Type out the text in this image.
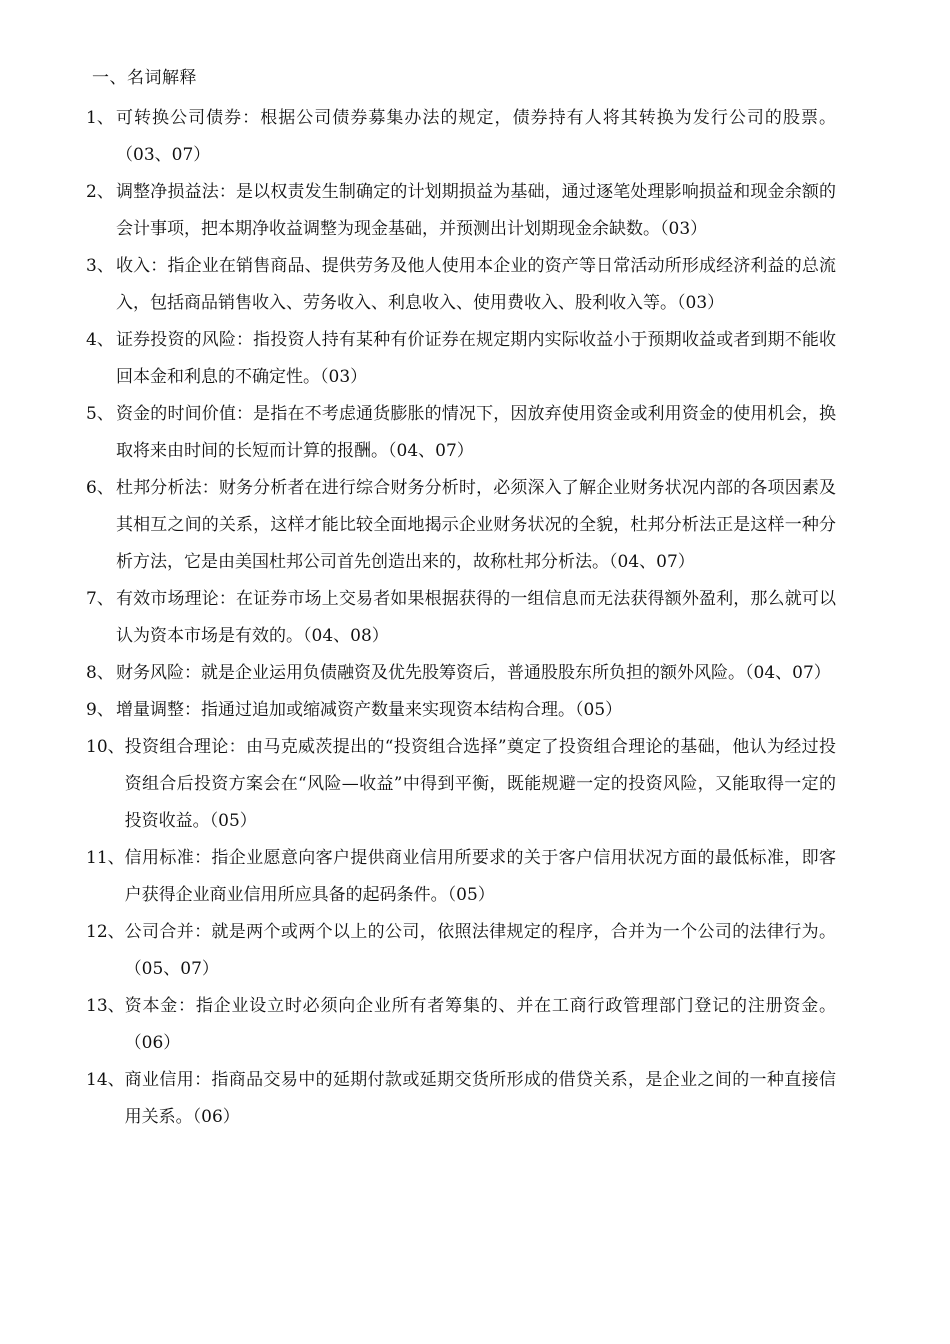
一、名词解释
1、 可转换公司债券：根据公司债券募集办法的规定，债券持有人将其转换为发行公司的股票。（03、07）
2、 调整净损益法：是以权责发生制确定的计划期损益为基础，通过逐笔处理影响损益和现金余额的会计事项，把本期净收益调整为现金基础，并预测出计划期现金余缺数。（03）
3、 收入：指企业在销售商品、提供劳务及他人使用本企业的资产等日常活动所形成经济利益的总流入，包括商品销售收入、劳务收入、利息收入、使用费收入、股利收入等。（03）
4、 证券投资的风险：指投资人持有某种有价证券在规定期内实际收益小于预期收益或者到期不能收回本金和利息的不确定性。（03）
5、 资金的时间价值：是指在不考虑通货膨胀的情况下，因放弃使用资金或利用资金的使用机会，换取将来由时间的长短而计算的报酬。（04、07）
6、 杜邦分析法：财务分析者在进行综合财务分析时，必须深入了解企业财务状况内部的各项因素及其相互之间的关系，这样才能比较全面地揭示企业财务状况的全貌，杜邦分析法正是这样一种分析方法，它是由美国杜邦公司首先创造出来的，故称杜邦分析法。（04、07）
7、 有效市场理论：在证券市场上交易者如果根据获得的一组信息而无法获得额外盈利，那么就可以认为资本市场是有效的。（04、08）
8、 财务风险：就是企业运用负债融资及优先股筹资后，普通股股东所负担的额外风险。（04、07）
9、 增量调整：指通过追加或缩减资产数量来实现资本结构合理。（05）
10、 投资组合理论：由马克威茨提出的“投资组合选择”奠定了投资组合理论的基础，他认为经过投资组合后投资方案会在“风险—收益”中得到平衡，既能规避一定的投资风险，又能取得一定的投资收益。（05）
11、 信用标准：指企业愿意向客户提供商业信用所要求的关于客户信用状况方面的最低标准，即客户获得企业商业信用所应具备的起码条件。（05）
12、 公司合并：就是两个或两个以上的公司，依照法律规定的程序，合并为一个公司的法律行为。（05、07）
13、 资本金：指企业设立时必须向企业所有者筹集的、并在工商行政管理部门登记的注册资金。（06）
14、 商业信用：指商品交易中的延期付款或延期交货所形成的借贷关系，是企业之间的一种直接信用关系。（06）
